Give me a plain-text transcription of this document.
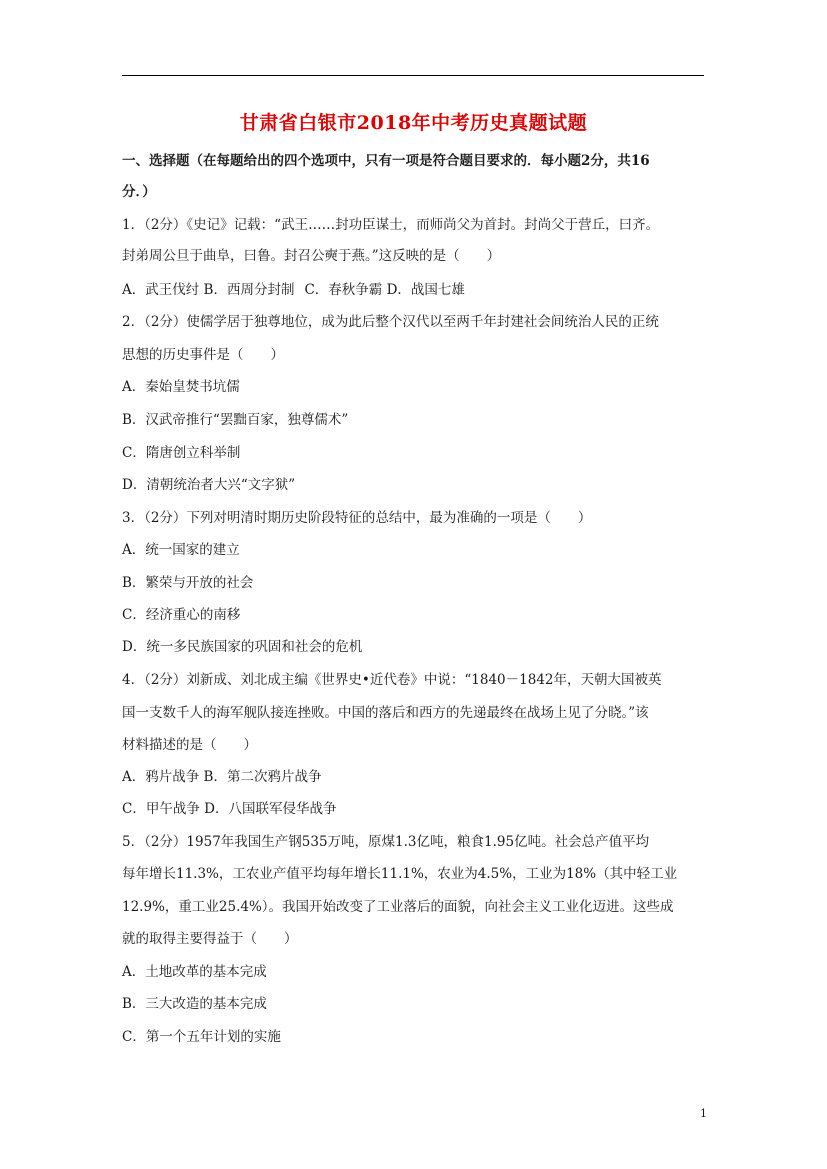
甘肃省白银市2018年中考历史真题试题
一、选择题（在每题给出的四个选项中，只有一项是符合题目要求的．每小题2分，共16
分．）
1．（2分）《史记》记载：“武王……封功臣谋士，而师尚父为首封。封尚父于营丘，曰齐。
封弟周公旦于曲阜，曰鲁。封召公奭于燕。”这反映的是（　　）
A．武王伐纣 B．西周分封制 C．春秋争霸 D．战国七雄
2．（2分）使儒学居于独尊地位，成为此后整个汉代以至两千年封建社会间统治人民的正统
思想的历史事件是（　　）
A．秦始皇焚书坑儒
B．汉武帝推行“罢黜百家，独尊儒术”
C．隋唐创立科举制
D．清朝统治者大兴“文字狱”
3．（2分）下列对明清时期历史阶段特征的总结中，最为准确的一项是（　　）
A．统一国家的建立
B．繁荣与开放的社会
C．经济重心的南移
D．统一多民族国家的巩固和社会的危机
4．（2分）刘新成、刘北成主编《世界史•近代卷》中说：“1840－1842年，天朝大国被英
国一支数千人的海军舰队接连挫败。中国的落后和西方的先递最终在战场上见了分晓。”该
材料描述的是（　　）
A．鸦片战争 B．第二次鸦片战争
C．甲午战争 D．八国联军侵华战争
5．（2分）1957年我国生产钢535万吨，原煤1.3亿吨，粮食1.95亿吨。社会总产值平均
每年增长11.3%，工农业产值平均每年增长11.1%，农业为4.5%，工业为18%（其中轻工业
12.9%，重工业25.4%）。我国开始改变了工业落后的面貌，向社会主义工业化迈进。这些成
就的取得主要得益于（　　）
A．土地改革的基本完成
B．三大改造的基本完成
C．第一个五年计划的实施
1
